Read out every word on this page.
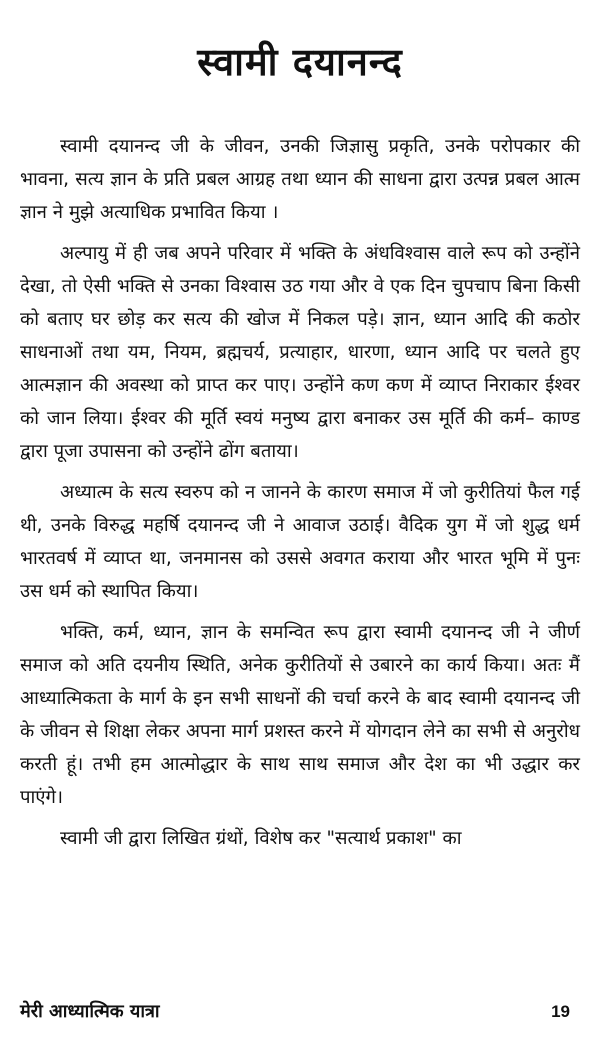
स्वामी दयानन्द

स्वामी दयानन्द जी के जीवन, उनकी जिज्ञासु प्रकृति, उनके परोपकार की भावना, सत्य ज्ञान के प्रति प्रबल आग्रह तथा ध्यान की साधना द्वारा उत्पन्न प्रबल आत्म ज्ञान ने मुझे अत्याधिक प्रभावित किया ।

अल्पायु में ही जब अपने परिवार में भक्ति के अंधविश्वास वाले रूप को उन्होंने देखा, तो ऐसी भक्ति से उनका विश्वास उठ गया और वे एक दिन चुपचाप बिना किसी को बताए घर छोड़ कर सत्य की खोज में निकल पड़े। ज्ञान, ध्यान आदि की कठोर साधनाओं तथा यम, नियम, ब्रह्मचर्य, प्रत्याहार, धारणा, ध्यान आदि पर चलते हुए आत्मज्ञान की अवस्था को प्राप्त कर पाए। उन्होंने कण कण में व्याप्त निराकार ईश्वर को जान लिया। ईश्वर की मूर्ति स्वयं मनुष्य द्वारा बनाकर उस मूर्ति की कर्म– काण्ड द्वारा पूजा उपासना को उन्होंने ढोंग बताया।

अध्यात्म के सत्य स्वरुप को न जानने के कारण समाज में जो कुरीतियां फैल गई थी, उनके विरुद्ध महर्षि दयानन्द जी ने आवाज उठाई। वैदिक युग में जो शुद्ध धर्म भारतवर्ष में व्याप्त था, जनमानस को उससे अवगत कराया और भारत भूमि में पुनः उस धर्म को स्थापित किया।

भक्ति, कर्म, ध्यान, ज्ञान के समन्वित रूप द्वारा स्वामी दयानन्द जी ने जीर्ण समाज को अति दयनीय स्थिति, अनेक कुरीतियों से उबारने का कार्य किया। अतः मैं आध्यात्मिकता के मार्ग के इन सभी साधनों की चर्चा करने के बाद स्वामी दयानन्द जी के जीवन से शिक्षा लेकर अपना मार्ग प्रशस्त करने में योगदान लेने का सभी से अनुरोध करती हूं। तभी हम आत्मोद्धार के साथ साथ समाज और देश का भी उद्धार कर पाएंगे।

स्वामी जी द्वारा लिखित ग्रंथों, विशेष कर "सत्यार्थ प्रकाश" का

मेरी आध्यात्मिक यात्रा	19
